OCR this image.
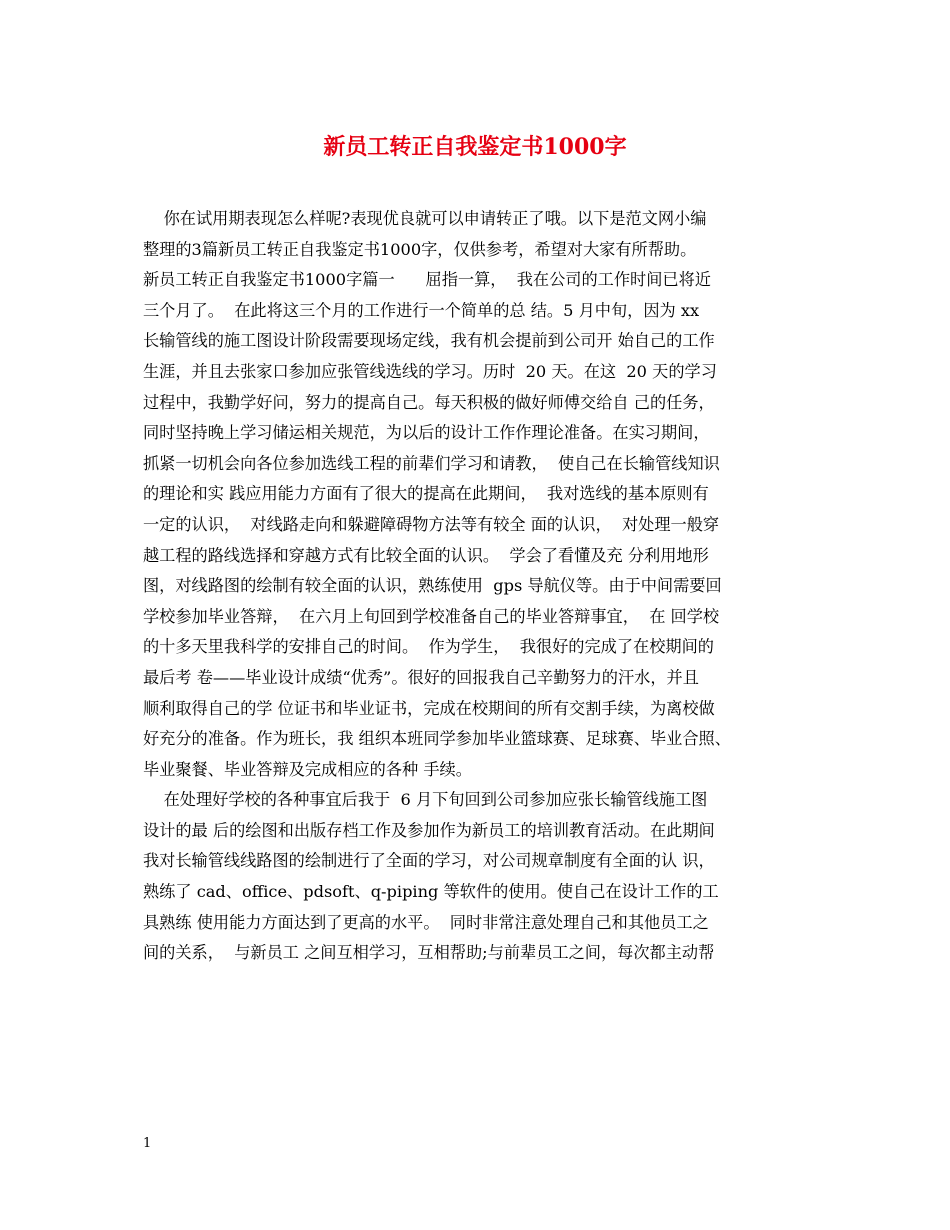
新员工转正自我鉴定书1000字
你在试用期表现怎么样呢?表现优良就可以申请转正了哦。以下是范文网小编
整理的3篇新员工转正自我鉴定书1000字，仅供参考，希望对大家有所帮助。
新员工转正自我鉴定书1000字篇一      屈指一算，  我在公司的工作时间已将近
三个月了。  在此将这三个月的工作进行一个简单的总 结。5 月中旬，因为 xx
长输管线的施工图设计阶段需要现场定线，我有机会提前到公司开 始自己的工作
生涯，并且去张家口参加应张管线选线的学习。历时  20 天。在这  20 天的学习
过程中，我勤学好问，努力的提高自己。每天积极的做好师傅交给自 己的任务，
同时坚持晚上学习储运相关规范，为以后的设计工作作理论准备。在实习期间，
抓紧一切机会向各位参加选线工程的前辈们学习和请教，  使自己在长输管线知识
的理论和实 践应用能力方面有了很大的提高在此期间，  我对选线的基本原则有
一定的认识，  对线路走向和躲避障碍物方法等有较全 面的认识，  对处理一般穿
越工程的路线选择和穿越方式有比较全面的认识。  学会了看懂及充 分利用地形
图，对线路图的绘制有较全面的认识，熟练使用  gps 导航仪等。由于中间需要回
学校参加毕业答辩，  在六月上旬回到学校准备自己的毕业答辩事宜，  在 回学校
的十多天里我科学的安排自己的时间。  作为学生，  我很好的完成了在校期间的
最后考 卷——毕业设计成绩“优秀”。很好的回报我自己辛勤努力的汗水，并且
顺利取得自己的学 位证书和毕业证书，完成在校期间的所有交割手续，为离校做
好充分的准备。作为班长，我 组织本班同学参加毕业篮球赛、足球赛、毕业合照、
毕业聚餐、毕业答辩及完成相应的各种 手续。
在处理好学校的各种事宜后我于  6 月下旬回到公司参加应张长输管线施工图
设计的最 后的绘图和出版存档工作及参加作为新员工的培训教育活动。在此期间
我对长输管线线路图的绘制进行了全面的学习，对公司规章制度有全面的认 识，
熟练了 cad、office、pdsoft、q-piping 等软件的使用。使自己在设计工作的工
具熟练 使用能力方面达到了更高的水平。  同时非常注意处理自己和其他员工之
间的关系，  与新员工 之间互相学习，互相帮助;与前辈员工之间，每次都主动帮
1
